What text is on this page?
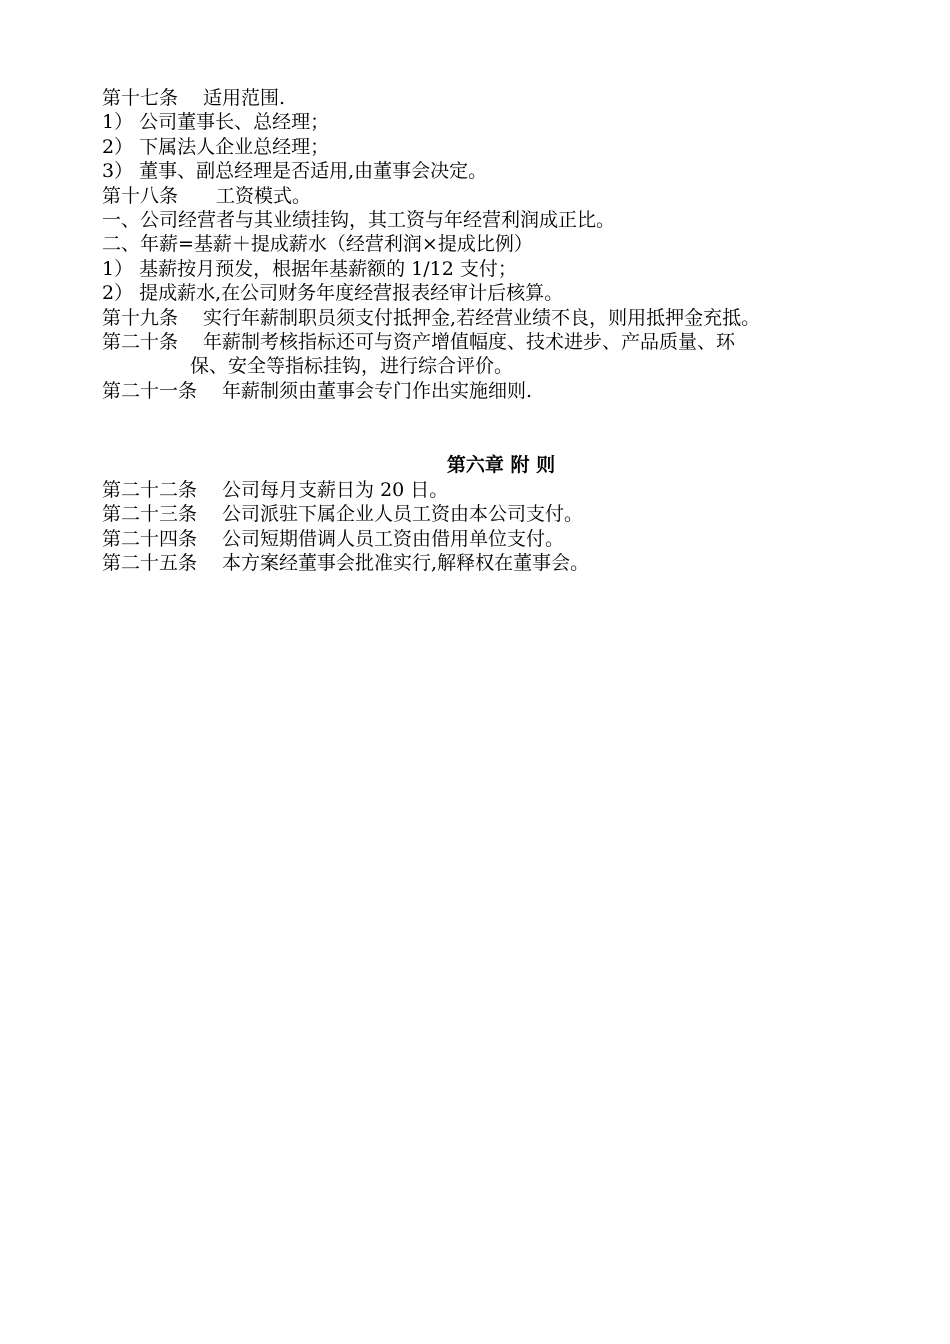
第十七条　 适用范围.
1） 公司董事长、总经理；
2） 下属法人企业总经理；
3） 董事、副总经理是否适用,由董事会决定。
第十八条　　工资模式。
一、公司经营者与其业绩挂钩，其工资与年经营利润成正比。
二、年薪=基薪＋提成薪水（经营利润×提成比例）
1） 基薪按月预发，根据年基薪额的 1/12 支付；
2） 提成薪水,在公司财务年度经营报表经审计后核算。
第十九条　 实行年薪制职员须支付抵押金,若经营业绩不良，则用抵押金充抵。
第二十条　 年薪制考核指标还可与资产增值幅度、技术进步、产品质量、环
保、安全等指标挂钩，进行综合评价。
第二十一条　 年薪制须由董事会专门作出实施细则.
第六章 附 则
第二十二条　 公司每月支薪日为 20 日。
第二十三条　 公司派驻下属企业人员工资由本公司支付。
第二十四条　 公司短期借调人员工资由借用单位支付。
第二十五条　 本方案经董事会批准实行,解释权在董事会。
